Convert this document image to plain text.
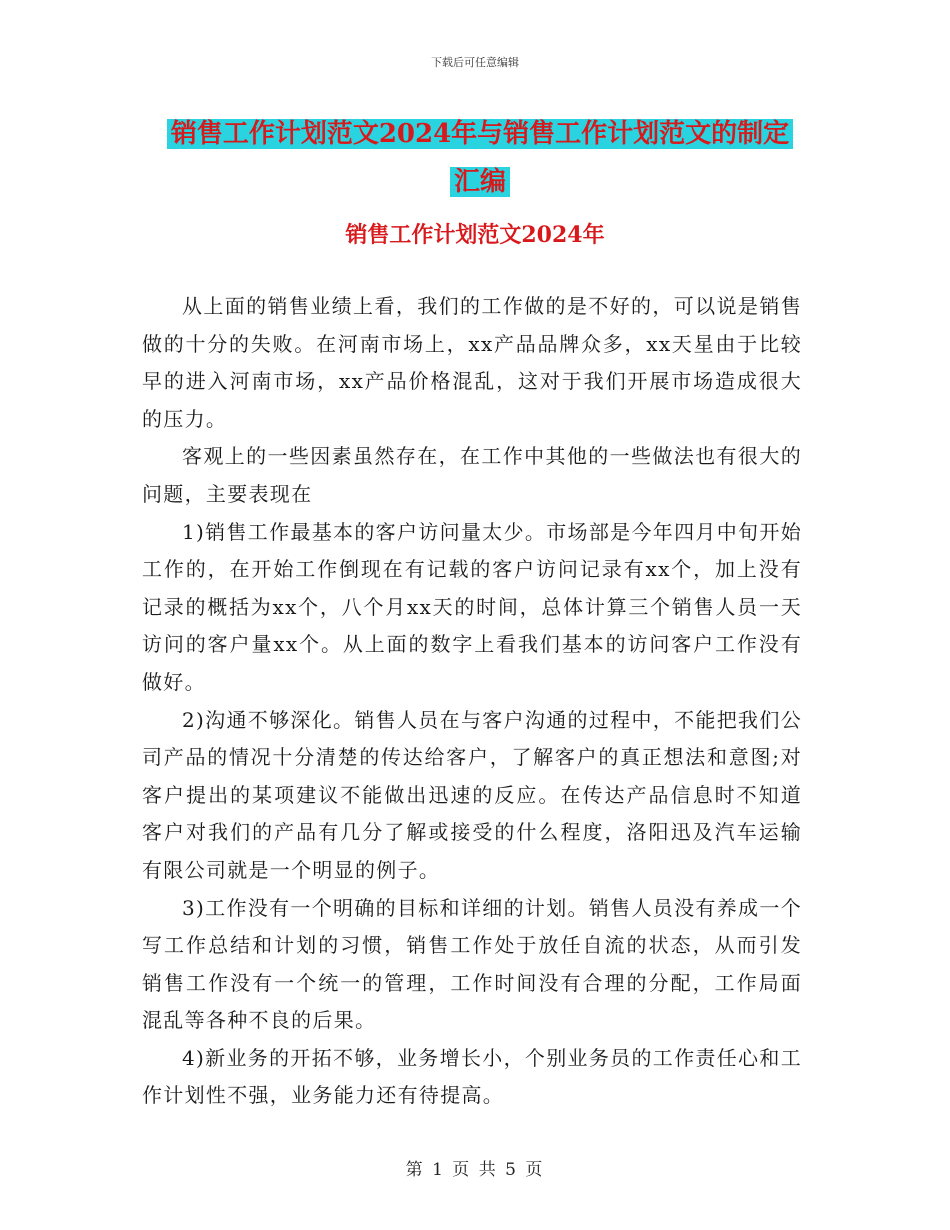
下载后可任意编辑
销售工作计划范文2024年与销售工作计划范文的制定
汇编
销售工作计划范文2024年

从上面的销售业绩上看，我们的工作做的是不好的，可以说是销售做的十分的失败。在河南市场上，xx产品品牌众多，xx天星由于比较早的进入河南市场，xx产品价格混乱，这对于我们开展市场造成很大的压力。

客观上的一些因素虽然存在，在工作中其他的一些做法也有很大的问题，主要表现在

1)销售工作最基本的客户访问量太少。市场部是今年四月中旬开始工作的，在开始工作倒现在有记载的客户访问记录有xx个，加上没有记录的概括为xx个，八个月xx天的时间，总体计算三个销售人员一天访问的客户量xx个。从上面的数字上看我们基本的访问客户工作没有做好。

2)沟通不够深化。销售人员在与客户沟通的过程中，不能把我们公司产品的情况十分清楚的传达给客户，了解客户的真正想法和意图;对客户提出的某项建议不能做出迅速的反应。在传达产品信息时不知道客户对我们的产品有几分了解或接受的什么程度，洛阳迅及汽车运输有限公司就是一个明显的例子。

3)工作没有一个明确的目标和详细的计划。销售人员没有养成一个写工作总结和计划的习惯，销售工作处于放任自流的状态，从而引发销售工作没有一个统一的管理，工作时间没有合理的分配，工作局面混乱等各种不良的后果。

4)新业务的开拓不够，业务增长小，个别业务员的工作责任心和工作计划性不强，业务能力还有待提高。

第 1 页 共 5 页
